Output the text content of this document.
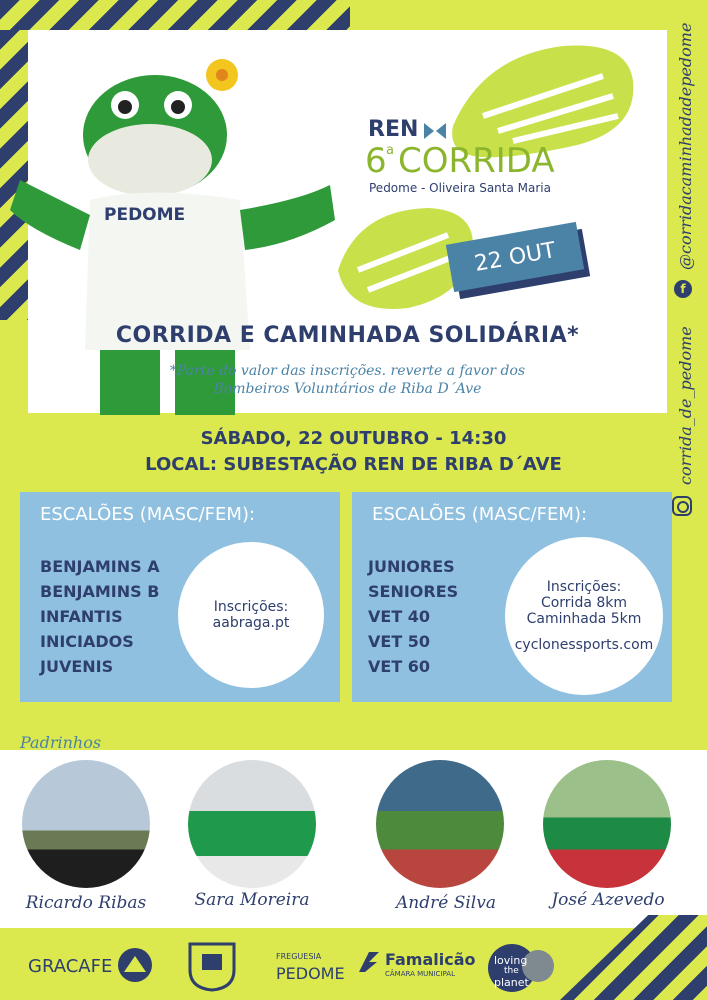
PEDOME
REN
6 a CORRIDA
Pedome - Oliveira Santa Maria
22 OUT
CORRIDA E CAMINHADA SOLIDÁRIA*
*Parte do valor das inscrições. reverte a favor dos
Bombeiros Voluntários de Riba D´Ave
f
@corridacaminhadadepedome
corrida_de_pedome
SÁBADO, 22 OUTUBRO - 14:30
LOCAL: SUBESTAÇÃO REN DE RIBA D´AVE
ESCALÕES (MASC/FEM):
BENJAMINS A
BENJAMINS B
INFANTIS
INICIADOS
JUVENIS
Inscrições:
aabraga.pt
ESCALÕES (MASC/FEM):
JUNIORES
SENIORES
VET 40
VET 50
VET 60
Inscrições:
Corrida 8km
Caminhada 5km
cyclonessports.com
Padrinhos
Ricardo Ribas	Sara Moreira	André Silva	José Azevedo
GRACAFE	FREGUESIA
PEDOME
Famalicão
CÂMARA MUNICIPAL
loving
the
planet
